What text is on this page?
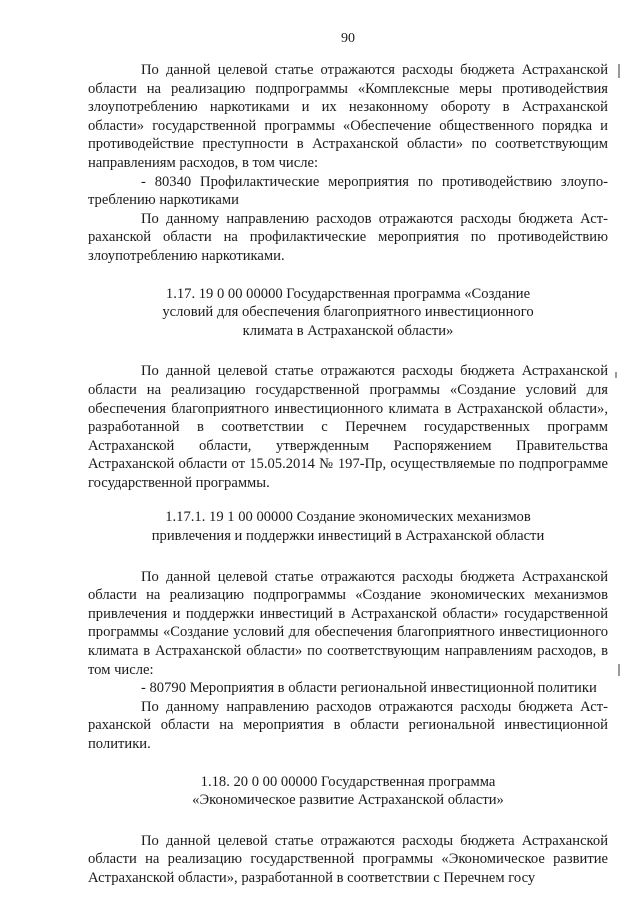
90

По данной целевой статье отражаются расходы бюджета Астраханской области на реализацию подпрограммы «Комплексные меры противодействия злоупотреблению наркотиками и их незаконному обороту в Астраханской области» государственной программы «Обеспечение общественного порядка и противодействие преступности в Астраханской области» по соответствующим направлениям расходов, в том числе:

- 80340 Профилактические мероприятия по противодействию злоупотреблению наркотиками

По данному направлению расходов отражаются расходы бюджета Астраханской области на профилактические мероприятия по противодействию злоупотреблению наркотиками.

1.17. 19 0 00 00000 Государственная программа «Создание
условий для обеспечения благоприятного инвестиционного
климата в Астраханской области»

По данной целевой статье отражаются расходы бюджета Астраханской области на реализацию государственной программы «Создание условий для обеспечения благоприятного инвестиционного климата в Астраханской области», разработанной в соответствии с Перечнем государственных программ Астраханской области, утвержденным Распоряжением Правительства Астраханской области от 15.05.2014 № 197-Пр, осуществляемые по подпрограмме государственной программы.

1.17.1. 19 1 00 00000 Создание экономических механизмов
привлечения и поддержки инвестиций в Астраханской области

По данной целевой статье отражаются расходы бюджета Астраханской области на реализацию подпрограммы «Создание экономических механизмов привлечения и поддержки инвестиций в Астраханской области» государственной программы «Создание условий для обеспечения благоприятного инвестиционного климата в Астраханской области» по соответствующим направлениям расходов, в том числе:

- 80790 Мероприятия в области региональной инвестиционной политики

По данному направлению расходов отражаются расходы бюджета Астраханской области на мероприятия в области региональной инвестиционной политики.

1.18. 20 0 00 00000 Государственная программа
«Экономическое развитие Астраханской области»

По данной целевой статье отражаются расходы бюджета Астраханской области на реализацию государственной программы «Экономическое развитие Астраханской области», разработанной в соответствии с Перечнем госу
